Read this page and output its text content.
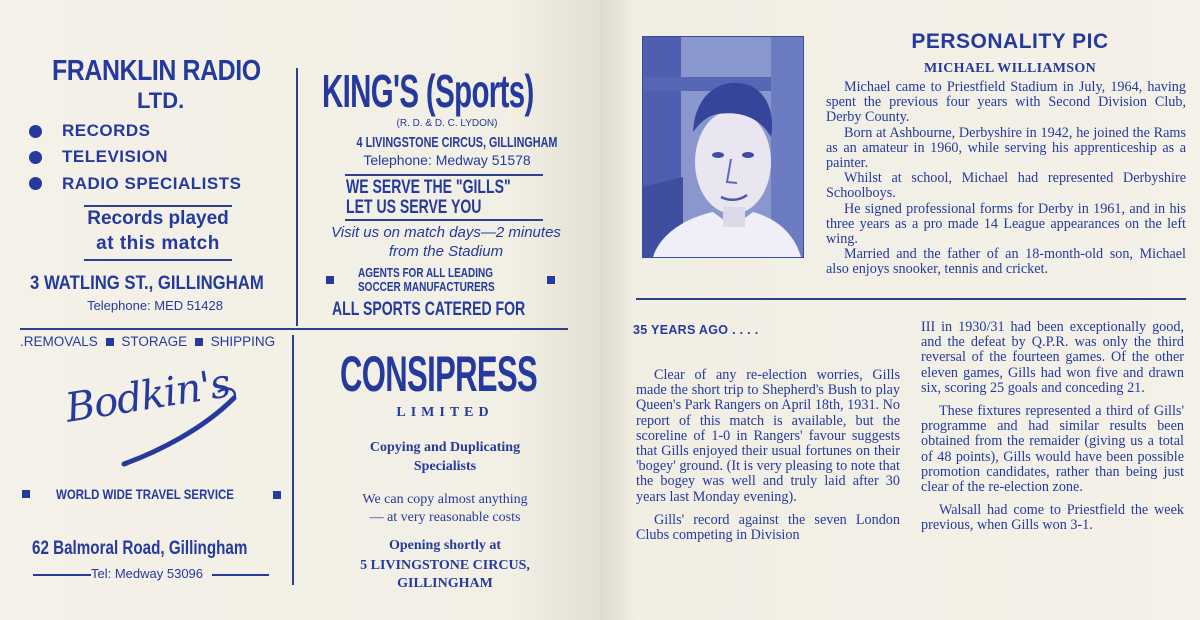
FRANKLIN RADIO
LTD.
RECORDS
TELEVISION
RADIO SPECIALISTS
Records played
at this match
3 WATLING ST., GILLINGHAM
Telephone: MED 51428
KING'S (Sports)
(R. D. & D. C. LYDON)
4 LIVINGSTONE CIRCUS, GILLINGHAM
Telephone: Medway 51578
WE SERVE THE "GILLS"
LET US SERVE YOU
Visit us on match days—2 minutes
from the Stadium
AGENTS FOR ALL LEADING
SOCCER MANUFACTURERS
ALL SPORTS CATERED FOR
.REMOVALS STORAGE SHIPPING
Bodkin's
WORLD WIDE TRAVEL SERVICE
62 Balmoral Road, Gillingham
Tel: Medway 53096
CONSIPRESS
LIMITED
Copying and Duplicating
Specialists
We can copy almost anything
— at very reasonable costs
Opening shortly at
5 LIVINGSTONE CIRCUS,
GILLINGHAM
PERSONALITY PIC
MICHAEL WILLIAMSON

Michael came to Priestfield Stadium in July, 1964, having spent the previous four years with Second Division Club, Derby County.

Born at Ashbourne, Derbyshire in 1942, he joined the Rams as an amateur in 1960, while serving his apprenticeship as a painter.

Whilst at school, Michael had represented Derbyshire Schoolboys.

He signed professional forms for Derby in 1961, and in his three years as a pro made 14 League appearances on the left wing.

Married and the father of an 18-month-old son, Michael also enjoys snooker, tennis and cricket.

35 YEARS AGO . . . .

Clear of any re-election worries, Gills made the short trip to Shepherd's Bush to play Queen's Park Rangers on April 18th, 1931. No report of this match is available, but the scoreline of 1-0 in Rangers' favour suggests that Gills enjoyed their usual fortunes on their 'bogey' ground. (It is very pleasing to note that the bogey was well and truly laid after 30 years last Monday evening).

Gills' record against the seven London Clubs competing in Division

III in 1930/31 had been exceptionally good, and the defeat by Q.P.R. was only the third reversal of the fourteen games. Of the other eleven games, Gills had won five and drawn six, scoring 25 goals and conceding 21.

These fixtures represented a third of Gills' programme and had similar results been obtained from the remaider (giving us a total of 48 points), Gills would have been possible promotion candidates, rather than being just clear of the re-election zone.

Walsall had come to Priestfield the week previous, when Gills won 3-1.
